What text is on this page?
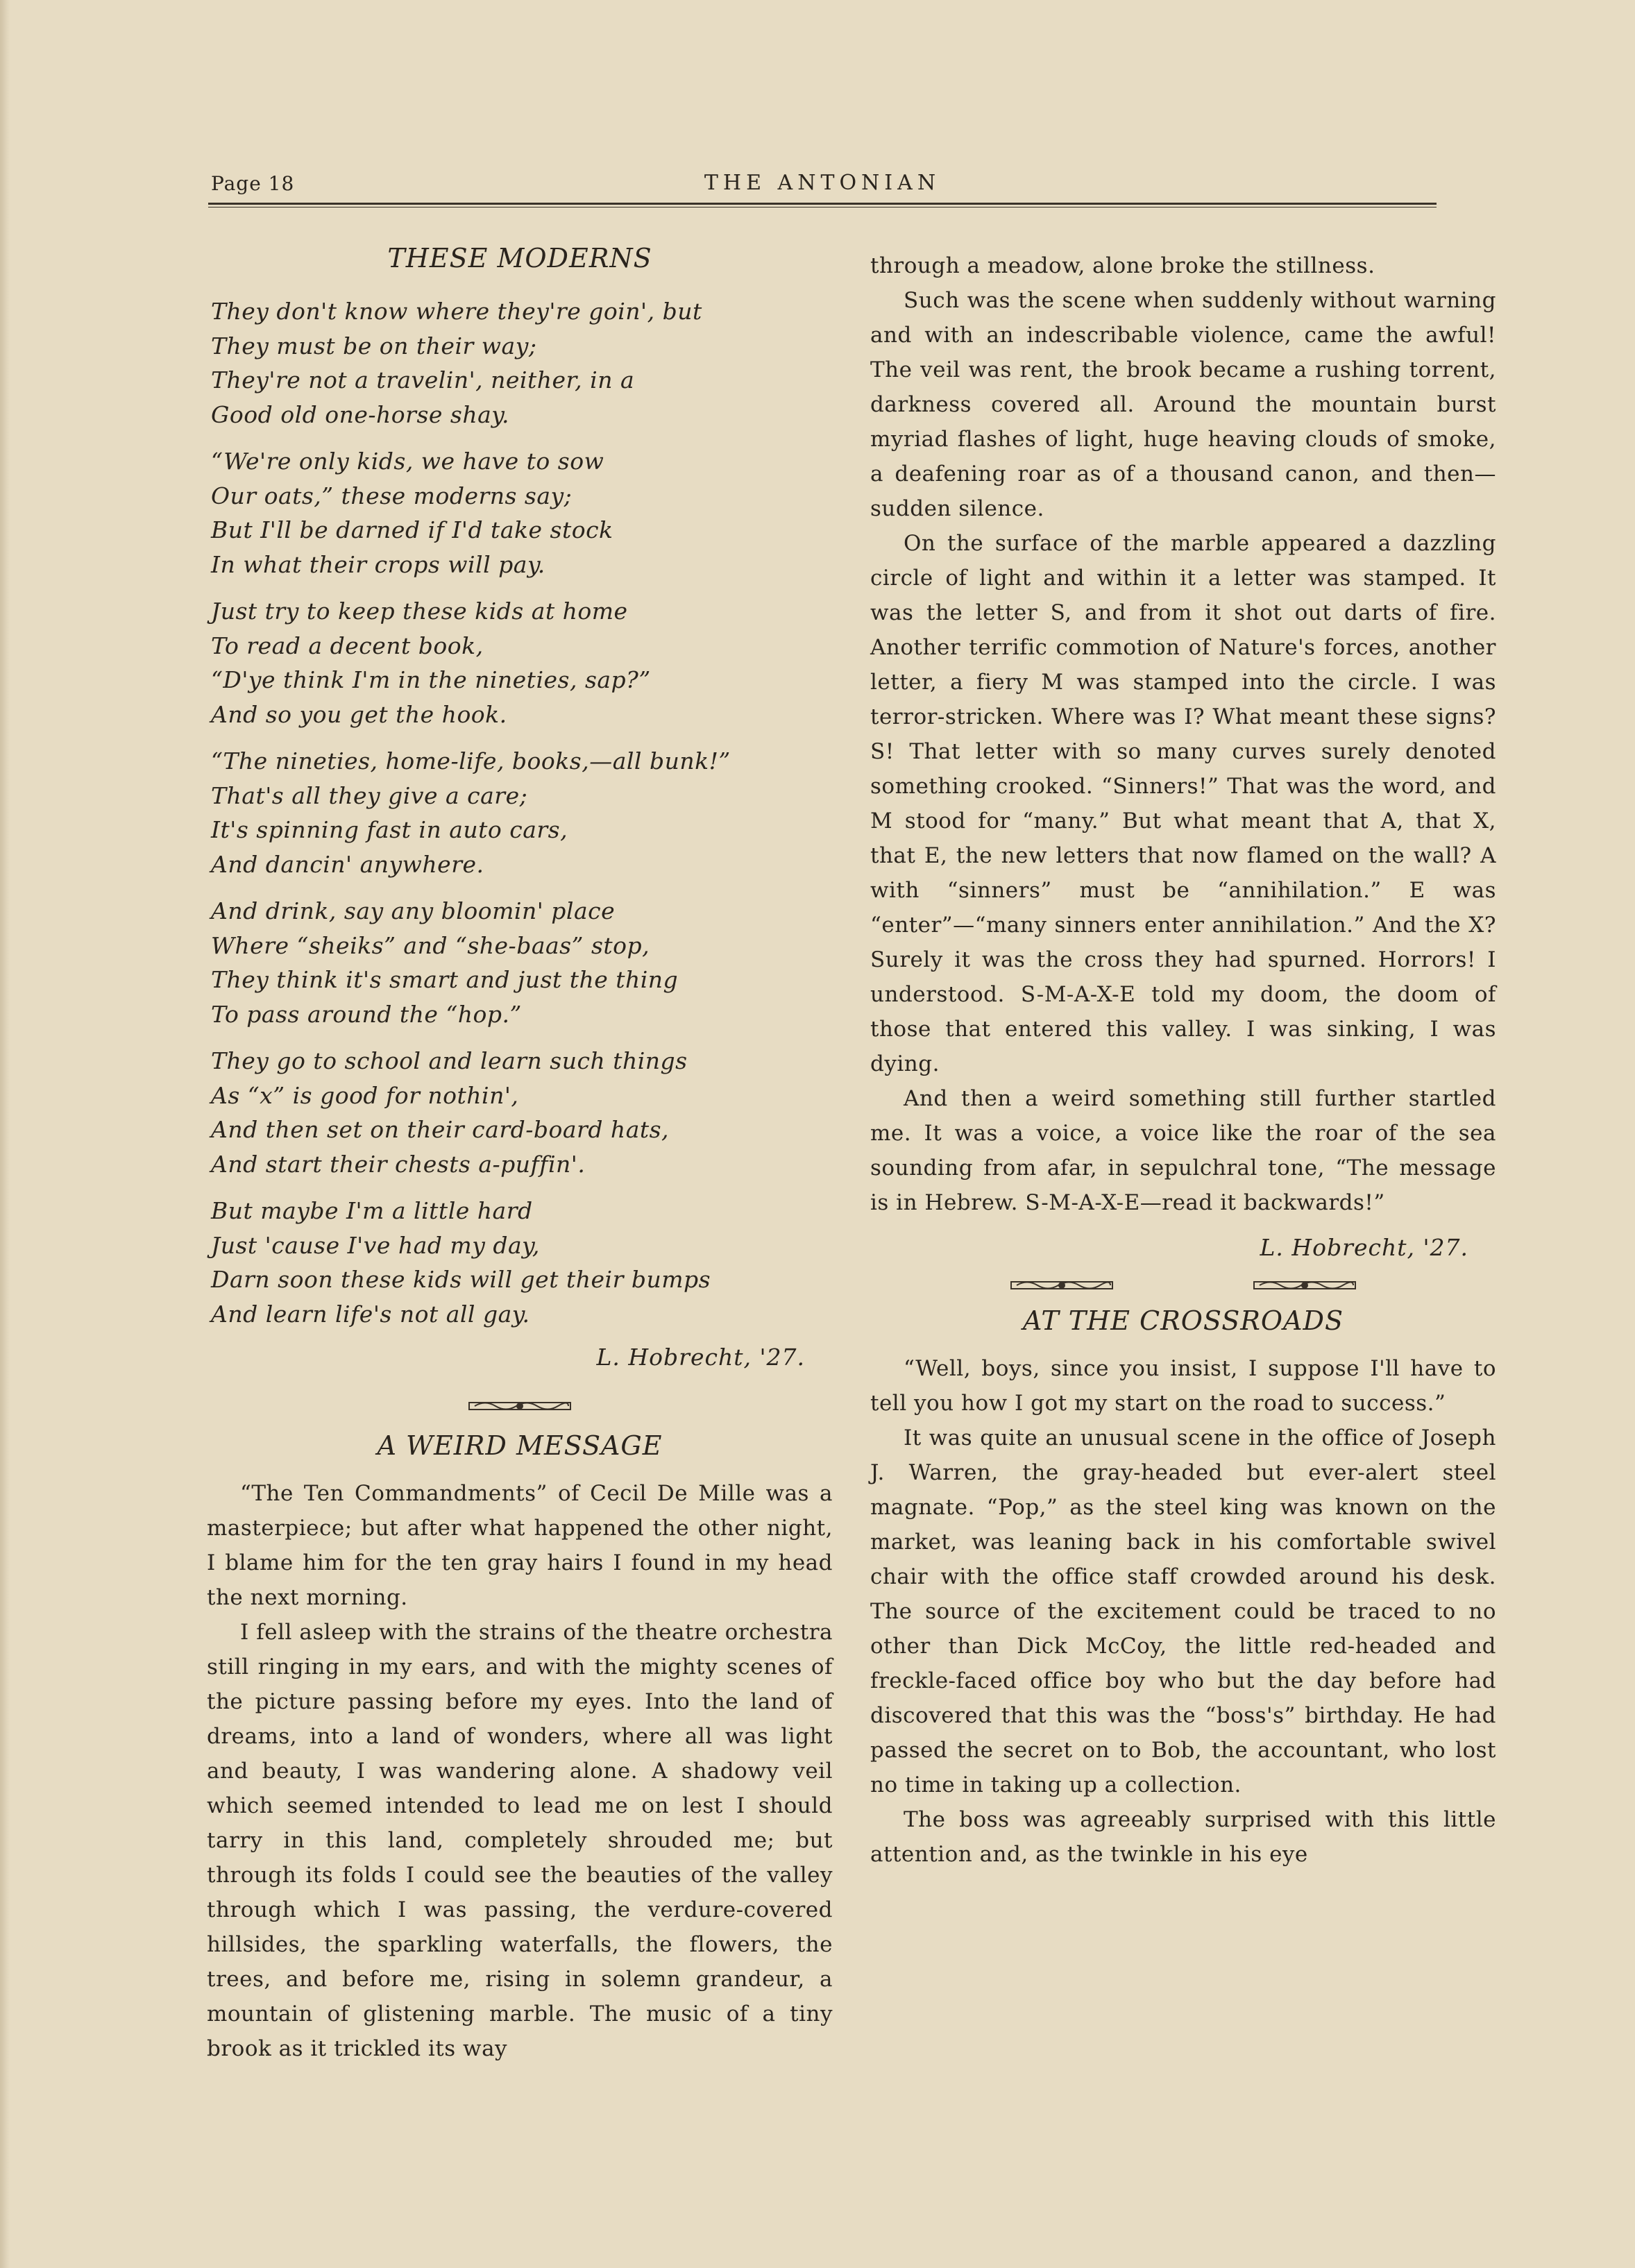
Page 18	THE ANTONIAN
THESE MODERNS

They don't know where they're goin', but

They must be on their way;

They're not a travelin', neither, in a

Good old one-horse shay.

“We're only kids, we have to sow

Our oats,” these moderns say;

But I'll be darned if I'd take stock

In what their crops will pay.

Just try to keep these kids at home

To read a decent book,

“D'ye think I'm in the nineties, sap?”

And so you get the hook.

“The nineties, home-life, books,—all bunk!”

That's all they give a care;

It's spinning fast in auto cars,

And dancin' anywhere.

And drink, say any bloomin' place

Where “sheiks” and “she-baas” stop,

They think it's smart and just the thing

To pass around the “hop.”

They go to school and learn such things

As “x” is good for nothin',

And then set on their card-board hats,

And start their chests a-puffin'.

But maybe I'm a little hard

Just 'cause I've had my day,

Darn soon these kids will get their bumps

And learn life's not all gay.

L. Hobrecht, '27.
A WEIRD MESSAGE

“The Ten Commandments” of Cecil De Mille was a masterpiece; but after what happened the other night, I blame him for the ten gray hairs I found in my head the next morning.

I fell asleep with the strains of the theatre orchestra still ringing in my ears, and with the mighty scenes of the picture passing before my eyes. Into the land of dreams, into a land of wonders, where all was light and beauty, I was wandering alone. A shadowy veil which seemed intended to lead me on lest I should tarry in this land, completely shrouded me; but through its folds I could see the beauties of the valley through which I was passing, the verdure-covered hillsides, the sparkling waterfalls, the flowers, the trees, and before me, rising in solemn grandeur, a mountain of glistening marble. The music of a tiny brook as it trickled its way

through a meadow, alone broke the stillness.

Such was the scene when suddenly without warning and with an indescribable violence, came the awful! The veil was rent, the brook became a rushing torrent, darkness covered all. Around the mountain burst myriad flashes of light, huge heaving clouds of smoke, a deafening roar as of a thousand canon, and then—sudden silence.

On the surface of the marble appeared a dazzling circle of light and within it a letter was stamped. It was the letter S, and from it shot out darts of fire. Another terrific commotion of Nature's forces, another letter, a fiery M was stamped into the circle. I was terror-stricken. Where was I? What meant these signs? S! That letter with so many curves surely denoted something crooked. “Sinners!” That was the word, and M stood for “many.” But what meant that A, that X, that E, the new letters that now flamed on the wall? A with “sinners” must be “annihilation.” E was “enter”—“many sinners enter annihilation.” And the X? Surely it was the cross they had spurned. Horrors! I understood. S-M-A-X-E told my doom, the doom of those that entered this valley. I was sinking, I was dying.

And then a weird something still further startled me. It was a voice, a voice like the roar of the sea sounding from afar, in sepulchral tone, “The message is in Hebrew. S-M-A-X-E—read it backwards!”

L. Hobrecht, '27.
AT THE CROSSROADS

“Well, boys, since you insist, I suppose I'll have to tell you how I got my start on the road to success.”

It was quite an unusual scene in the office of Joseph J. Warren, the gray-headed but ever-alert steel magnate. “Pop,” as the steel king was known on the market, was leaning back in his comfortable swivel chair with the office staff crowded around his desk. The source of the excitement could be traced to no other than Dick McCoy, the little red-headed and freckle-faced office boy who but the day before had discovered that this was the “boss's” birthday. He had passed the secret on to Bob, the accountant, who lost no time in taking up a collection.

The boss was agreeably surprised with this little attention and, as the twinkle in his eye
